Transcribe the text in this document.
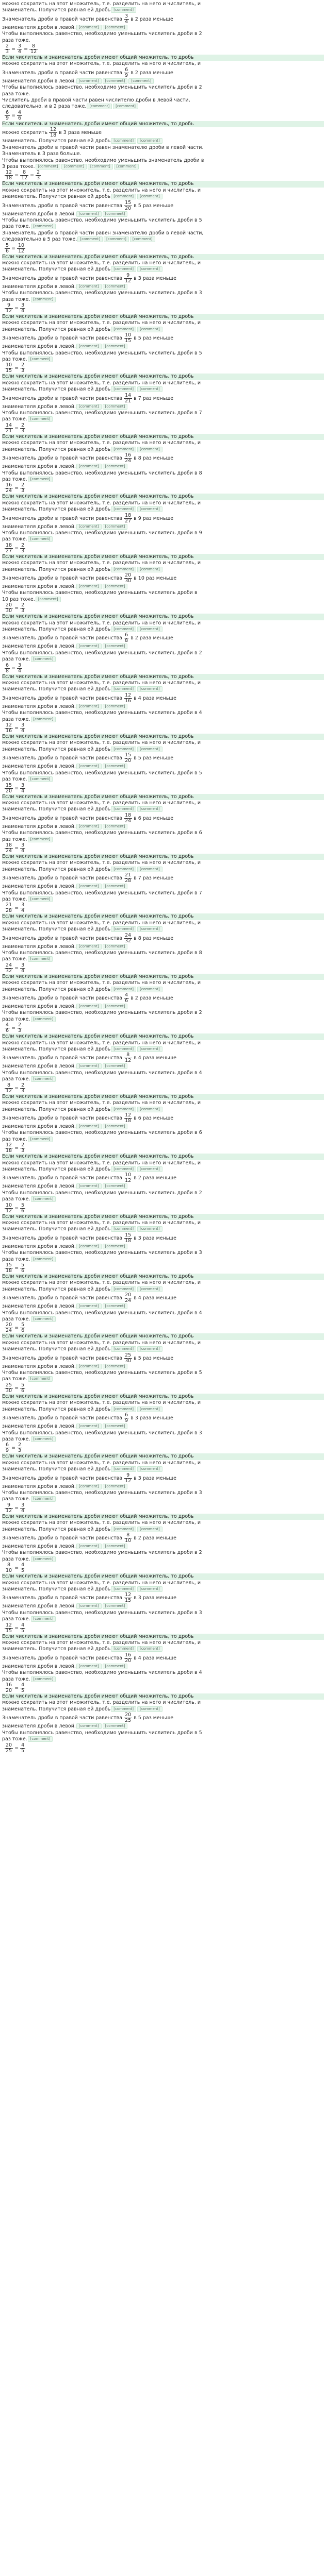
можно сократить на этот множитель, т.е. разделить на него и числитель, и
знаменатель. Получится равная ей дробь [comment]
Знаменатель дроби в правой части равенства $\frac{3}{4}$ в 2 раза меньше
знаменателя дроби в левой. [comment] [comment]
Чтобы выполнялось равенство, необходимо уменьшить числитель дроби в 2
раза тоже.
$\frac{2}{3} = \frac{3}{4} = \frac{8}{12}$
Если числитель и знаменатель дроби имеют общий множитель, то дробь
можно сократить на этот множитель, т.е. разделить на него и числитель, и
Знаменатель дроби в правой части равенства $\frac{6}{9}$ в 2 раза меньше
знаменателя дроби в левой. [comment] [comment] [comment]
Чтобы выполнялось равенство, необходимо уменьшить числитель дроби в 2
раза тоже.
Числитель дроби в правой части равен числителю дроби в левой части,
следовательно, и в 2 раза тоже. [comment] [comment]
$\frac{6}{9} = \frac{4}{6}$
Если числитель и знаменатель дроби имеют общий множитель, то дробь
можно сократить $\frac{12}{18}$ в 3 раза меньше
знаменатель. Получится равная ей дробь [comment] [comment]
Знаменатель дроби в правой части равен знаменателю дроби в левой части.
Знаменатель в 3 раза больше.
Чтобы выполнялось равенство, необходимо уменьшить знаменатель дроби в
3 раза тоже. [comment] [comment] [comment] [comment]
$\frac{12}{18} = \frac{8}{12} = \frac{2}{3}$
Если числитель и знаменатель дроби имеют общий множитель, то дробь
можно сократить на этот множитель, т.е. разделить на него и числитель, и
знаменатель. Получится равная ей дробь [comment] [comment]
Знаменатель дроби в правой части равенства $\frac{15}{20}$ в 5 раз меньше
знаменателя дроби в левой. [comment] [comment]
Чтобы выполнялось равенство, необходимо уменьшить числитель дроби в 5
раза тоже. [comment]
Знаменатель дроби в правой части равен знаменателю дроби в левой части,
следовательно в 5 раз тоже. [comment] [comment] [comment]
$\frac{5}{6} = \frac{10}{12}$
Если числитель и знаменатель дроби имеют общий множитель, то дробь
можно сократить на этот множитель, т.е. разделить на него и числитель, и
знаменатель. Получится равная ей дробь [comment] [comment]
Знаменатель дроби в правой части равенства $\frac{9}{12}$ в 3 раза меньше
знаменателя дроби в левой. [comment] [comment]
Чтобы выполнялось равенство, необходимо уменьшить числитель дроби в 3
раза тоже. [comment]
$\frac{9}{12} = \frac{3}{4}$
Если числитель и знаменатель дроби имеют общий множитель, то дробь
можно сократить на этот множитель, т.е. разделить на него и числитель, и
знаменатель. Получится равная ей дробь [comment] [comment]
Знаменатель дроби в правой части равенства $\frac{10}{15}$ в 5 раз меньше
знаменателя дроби в левой. [comment] [comment]
Чтобы выполнялось равенство, необходимо уменьшить числитель дроби в 5
раз тоже. [comment]
$\frac{10}{15} = \frac{2}{3}$
Если числитель и знаменатель дроби имеют общий множитель, то дробь
можно сократить на этот множитель, т.е. разделить на него и числитель, и
знаменатель. Получится равная ей дробь [comment] [comment]
Знаменатель дроби в правой части равенства $\frac{14}{21}$ в 7 раз меньше
знаменателя дроби в левой. [comment] [comment]
Чтобы выполнялось равенство, необходимо уменьшить числитель дроби в 7
раз тоже. [comment]
$\frac{14}{21} = \frac{2}{3}$
Если числитель и знаменатель дроби имеют общий множитель, то дробь
можно сократить на этот множитель, т.е. разделить на него и числитель, и
знаменатель. Получится равная ей дробь [comment] [comment]
Знаменатель дроби в правой части равенства $\frac{16}{24}$ в 8 раз меньше
знаменателя дроби в левой. [comment] [comment]
Чтобы выполнялось равенство, необходимо уменьшить числитель дроби в 8
раз тоже. [comment]
$\frac{16}{24} = \frac{2}{3}$
Если числитель и знаменатель дроби имеют общий множитель, то дробь
можно сократить на этот множитель, т.е. разделить на него и числитель, и
знаменатель. Получится равная ей дробь [comment] [comment]
Знаменатель дроби в правой части равенства $\frac{18}{27}$ в 9 раз меньше
знаменателя дроби в левой. [comment] [comment]
Чтобы выполнялось равенство, необходимо уменьшить числитель дроби в 9
раз тоже. [comment]
$\frac{18}{27} = \frac{2}{3}$
Если числитель и знаменатель дроби имеют общий множитель, то дробь
можно сократить на этот множитель, т.е. разделить на него и числитель, и
знаменатель. Получится равная ей дробь [comment] [comment]
Знаменатель дроби в правой части равенства $\frac{20}{30}$ в 10 раз меньше
знаменателя дроби в левой. [comment] [comment]
Чтобы выполнялось равенство, необходимо уменьшить числитель дроби в
10 раз тоже. [comment]
$\frac{20}{30} = \frac{2}{3}$
Если числитель и знаменатель дроби имеют общий множитель, то дробь
можно сократить на этот множитель, т.е. разделить на него и числитель, и
знаменатель. Получится равная ей дробь [comment] [comment]
Знаменатель дроби в правой части равенства $\frac{6}{8}$ в 2 раза меньше
знаменателя дроби в левой. [comment] [comment]
Чтобы выполнялось равенство, необходимо уменьшить числитель дроби в 2
раза тоже. [comment]
$\frac{6}{8} = \frac{3}{4}$
Если числитель и знаменатель дроби имеют общий множитель, то дробь
можно сократить на этот множитель, т.е. разделить на него и числитель, и
знаменатель. Получится равная ей дробь [comment] [comment]
Знаменатель дроби в правой части равенства $\frac{12}{16}$ в 4 раза меньше
знаменателя дроби в левой. [comment] [comment]
Чтобы выполнялось равенство, необходимо уменьшить числитель дроби в 4
раза тоже. [comment]
$\frac{12}{16} = \frac{3}{4}$
Если числитель и знаменатель дроби имеют общий множитель, то дробь
можно сократить на этот множитель, т.е. разделить на него и числитель, и
знаменатель. Получится равная ей дробь [comment] [comment]
Знаменатель дроби в правой части равенства $\frac{15}{20}$ в 5 раз меньше
знаменателя дроби в левой. [comment] [comment]
Чтобы выполнялось равенство, необходимо уменьшить числитель дроби в 5
раз тоже. [comment]
$\frac{15}{20} = \frac{3}{4}$
Если числитель и знаменатель дроби имеют общий множитель, то дробь
можно сократить на этот множитель, т.е. разделить на него и числитель, и
знаменатель. Получится равная ей дробь [comment] [comment]
Знаменатель дроби в правой части равенства $\frac{18}{24}$ в 6 раз меньше
знаменателя дроби в левой. [comment] [comment]
Чтобы выполнялось равенство, необходимо уменьшить числитель дроби в 6
раз тоже. [comment]
$\frac{18}{24} = \frac{3}{4}$
Если числитель и знаменатель дроби имеют общий множитель, то дробь
можно сократить на этот множитель, т.е. разделить на него и числитель, и
знаменатель. Получится равная ей дробь [comment] [comment]
Знаменатель дроби в правой части равенства $\frac{21}{28}$ в 7 раз меньше
знаменателя дроби в левой. [comment] [comment]
Чтобы выполнялось равенство, необходимо уменьшить числитель дроби в 7
раз тоже. [comment]
$\frac{21}{28} = \frac{3}{4}$
Если числитель и знаменатель дроби имеют общий множитель, то дробь
можно сократить на этот множитель, т.е. разделить на него и числитель, и
знаменатель. Получится равная ей дробь [comment] [comment]
Знаменатель дроби в правой части равенства $\frac{24}{32}$ в 8 раз меньше
знаменателя дроби в левой. [comment] [comment]
Чтобы выполнялось равенство, необходимо уменьшить числитель дроби в 8
раз тоже. [comment]
$\frac{24}{32} = \frac{3}{4}$
Если числитель и знаменатель дроби имеют общий множитель, то дробь
можно сократить на этот множитель, т.е. разделить на него и числитель, и
знаменатель. Получится равная ей дробь [comment] [comment]
Знаменатель дроби в правой части равенства $\frac{4}{6}$ в 2 раза меньше
знаменателя дроби в левой. [comment] [comment]
Чтобы выполнялось равенство, необходимо уменьшить числитель дроби в 2
раза тоже. [comment]
$\frac{4}{6} = \frac{2}{3}$
Если числитель и знаменатель дроби имеют общий множитель, то дробь
можно сократить на этот множитель, т.е. разделить на него и числитель, и
знаменатель. Получится равная ей дробь [comment] [comment]
Знаменатель дроби в правой части равенства $\frac{8}{12}$ в 4 раза меньше
знаменателя дроби в левой. [comment] [comment]
Чтобы выполнялось равенство, необходимо уменьшить числитель дроби в 4
раза тоже. [comment]
$\frac{8}{12} = \frac{2}{3}$
Если числитель и знаменатель дроби имеют общий множитель, то дробь
можно сократить на этот множитель, т.е. разделить на него и числитель, и
знаменатель. Получится равная ей дробь [comment] [comment]
Знаменатель дроби в правой части равенства $\frac{12}{18}$ в 6 раз меньше
знаменателя дроби в левой. [comment] [comment]
Чтобы выполнялось равенство, необходимо уменьшить числитель дроби в 6
раз тоже. [comment]
$\frac{12}{18} = \frac{2}{3}$
Если числитель и знаменатель дроби имеют общий множитель, то дробь
можно сократить на этот множитель, т.е. разделить на него и числитель, и
знаменатель. Получится равная ей дробь [comment] [comment]
Знаменатель дроби в правой части равенства $\frac{10}{12}$ в 2 раза меньше
знаменателя дроби в левой. [comment] [comment]
Чтобы выполнялось равенство, необходимо уменьшить числитель дроби в 2
раза тоже. [comment]
$\frac{10}{12} = \frac{5}{6}$
Если числитель и знаменатель дроби имеют общий множитель, то дробь
можно сократить на этот множитель, т.е. разделить на него и числитель, и
знаменатель. Получится равная ей дробь [comment] [comment]
Знаменатель дроби в правой части равенства $\frac{15}{18}$ в 3 раза меньше
знаменателя дроби в левой. [comment] [comment]
Чтобы выполнялось равенство, необходимо уменьшить числитель дроби в 3
раза тоже. [comment]
$\frac{15}{18} = \frac{5}{6}$
Если числитель и знаменатель дроби имеют общий множитель, то дробь
можно сократить на этот множитель, т.е. разделить на него и числитель, и
знаменатель. Получится равная ей дробь [comment] [comment]
Знаменатель дроби в правой части равенства $\frac{20}{24}$ в 4 раза меньше
знаменателя дроби в левой. [comment] [comment]
Чтобы выполнялось равенство, необходимо уменьшить числитель дроби в 4
раза тоже. [comment]
$\frac{20}{24} = \frac{5}{6}$
Если числитель и знаменатель дроби имеют общий множитель, то дробь
можно сократить на этот множитель, т.е. разделить на него и числитель, и
знаменатель. Получится равная ей дробь [comment] [comment]
Знаменатель дроби в правой части равенства $\frac{25}{30}$ в 5 раз меньше
знаменателя дроби в левой. [comment] [comment]
Чтобы выполнялось равенство, необходимо уменьшить числитель дроби в 5
раз тоже. [comment]
$\frac{25}{30} = \frac{5}{6}$
Если числитель и знаменатель дроби имеют общий множитель, то дробь
можно сократить на этот множитель, т.е. разделить на него и числитель, и
знаменатель. Получится равная ей дробь [comment] [comment]
Знаменатель дроби в правой части равенства $\frac{6}{9}$ в 3 раза меньше
знаменателя дроби в левой. [comment] [comment]
Чтобы выполнялось равенство, необходимо уменьшить числитель дроби в 3
раза тоже. [comment]
$\frac{6}{9} = \frac{2}{3}$
Если числитель и знаменатель дроби имеют общий множитель, то дробь
можно сократить на этот множитель, т.е. разделить на него и числитель, и
знаменатель. Получится равная ей дробь [comment] [comment]
Знаменатель дроби в правой части равенства $\frac{9}{12}$ в 3 раза меньше
знаменателя дроби в левой. [comment] [comment]
Чтобы выполнялось равенство, необходимо уменьшить числитель дроби в 3
раза тоже. [comment]
$\frac{9}{12} = \frac{3}{4}$
Если числитель и знаменатель дроби имеют общий множитель, то дробь
можно сократить на этот множитель, т.е. разделить на него и числитель, и
знаменатель. Получится равная ей дробь [comment] [comment]
Знаменатель дроби в правой части равенства $\frac{8}{10}$ в 2 раза меньше
знаменателя дроби в левой. [comment] [comment]
Чтобы выполнялось равенство, необходимо уменьшить числитель дроби в 2
раза тоже. [comment]
$\frac{8}{10} = \frac{4}{5}$
Если числитель и знаменатель дроби имеют общий множитель, то дробь
можно сократить на этот множитель, т.е. разделить на него и числитель, и
знаменатель. Получится равная ей дробь [comment] [comment]
Знаменатель дроби в правой части равенства $\frac{12}{15}$ в 3 раза меньше
знаменателя дроби в левой. [comment] [comment]
Чтобы выполнялось равенство, необходимо уменьшить числитель дроби в 3
раза тоже. [comment]
$\frac{12}{15} = \frac{4}{5}$
Если числитель и знаменатель дроби имеют общий множитель, то дробь
можно сократить на этот множитель, т.е. разделить на него и числитель, и
знаменатель. Получится равная ей дробь [comment] [comment]
Знаменатель дроби в правой части равенства $\frac{16}{20}$ в 4 раза меньше
знаменателя дроби в левой. [comment] [comment]
Чтобы выполнялось равенство, необходимо уменьшить числитель дроби в 4
раза тоже. [comment]
$\frac{16}{20} = \frac{4}{5}$
Если числитель и знаменатель дроби имеют общий множитель, то дробь
можно сократить на этот множитель, т.е. разделить на него и числитель, и
знаменатель. Получится равная ей дробь [comment] [comment]
Знаменатель дроби в правой части равенства $\frac{20}{25}$ в 5 раз меньше
знаменателя дроби в левой. [comment] [comment]
Чтобы выполнялось равенство, необходимо уменьшить числитель дроби в 5
раз тоже. [comment]
$\frac{20}{25} = \frac{4}{5}$
